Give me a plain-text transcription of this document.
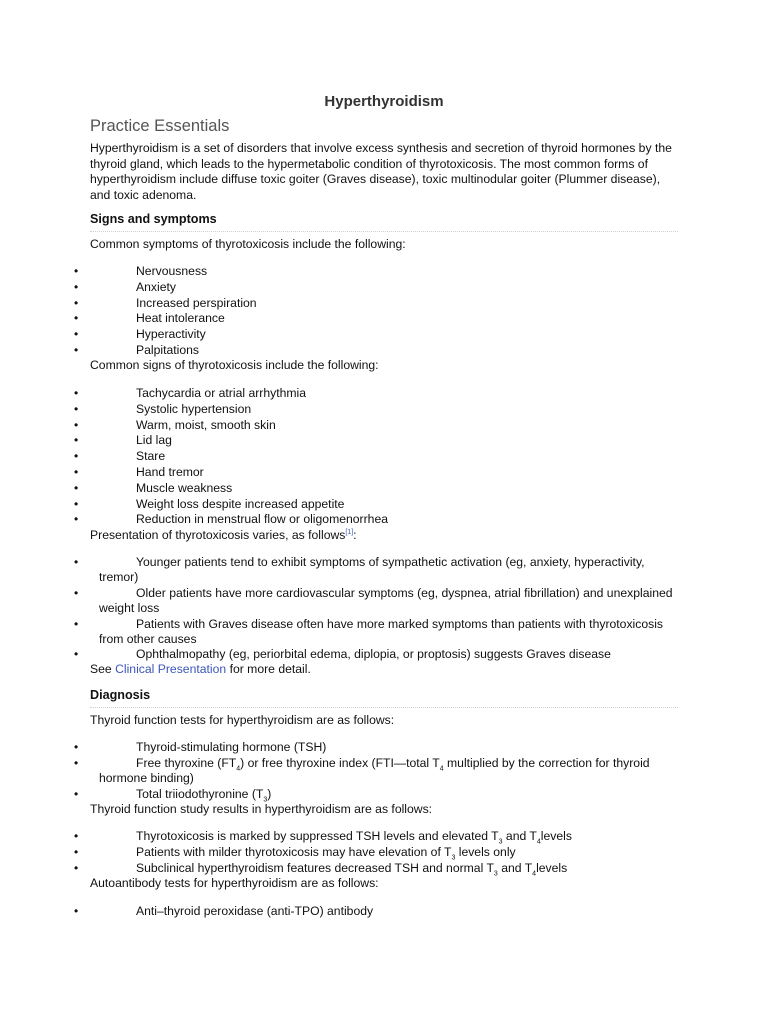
Hyperthyroidism
Practice Essentials
Hyperthyroidism is a set of disorders that involve excess synthesis and secretion of thyroid hormones by the thyroid gland, which leads to the hypermetabolic condition of thyrotoxicosis. The most common forms of hyperthyroidism include diffuse toxic goiter (Graves disease), toxic multinodular goiter (Plummer disease), and toxic adenoma.
Signs and symptoms
Common symptoms of thyrotoxicosis include the following:
•	Nervousness
•	Anxiety
•	Increased perspiration
•	Heat intolerance
•	Hyperactivity
•	Palpitations
Common signs of thyrotoxicosis include the following:
•	Tachycardia or atrial arrhythmia
•	Systolic hypertension
•	Warm, moist, smooth skin
•	Lid lag
•	Stare
•	Hand tremor
•	Muscle weakness
•	Weight loss despite increased appetite
•	Reduction in menstrual flow or oligomenorrhea
Presentation of thyrotoxicosis varies, as follows[1]:
•	Younger patients tend to exhibit symptoms of sympathetic activation (eg, anxiety, hyperactivity, tremor)
•	Older patients have more cardiovascular symptoms (eg, dyspnea, atrial fibrillation) and unexplained weight loss
•	Patients with Graves disease often have more marked symptoms than patients with thyrotoxicosis from other causes
•	Ophthalmopathy (eg, periorbital edema, diplopia, or proptosis) suggests Graves disease
See Clinical Presentation for more detail.
Diagnosis
Thyroid function tests for hyperthyroidism are as follows:
•	Thyroid-stimulating hormone (TSH)
•	Free thyroxine $(FT_4)$ or free thyroxine index (FTI—total $T_4$ multiplied by the correction for thyroid hormone binding)
•	Total triiodothyronine $(T_3)$
Thyroid function study results in hyperthyroidism are as follows:
•	Thyrotoxicosis is marked by suppressed TSH levels and elevated $T_3$ and $T_4levels$
•	Patients with milder thyrotoxicosis may have elevation of $T_3$ levels only
•	Subclinical hyperthyroidism features decreased TSH and normal $T_3$ and $T_4levels$
Autoantibody tests for hyperthyroidism are as follows:
•	Anti–thyroid peroxidase (anti-TPO) antibody
